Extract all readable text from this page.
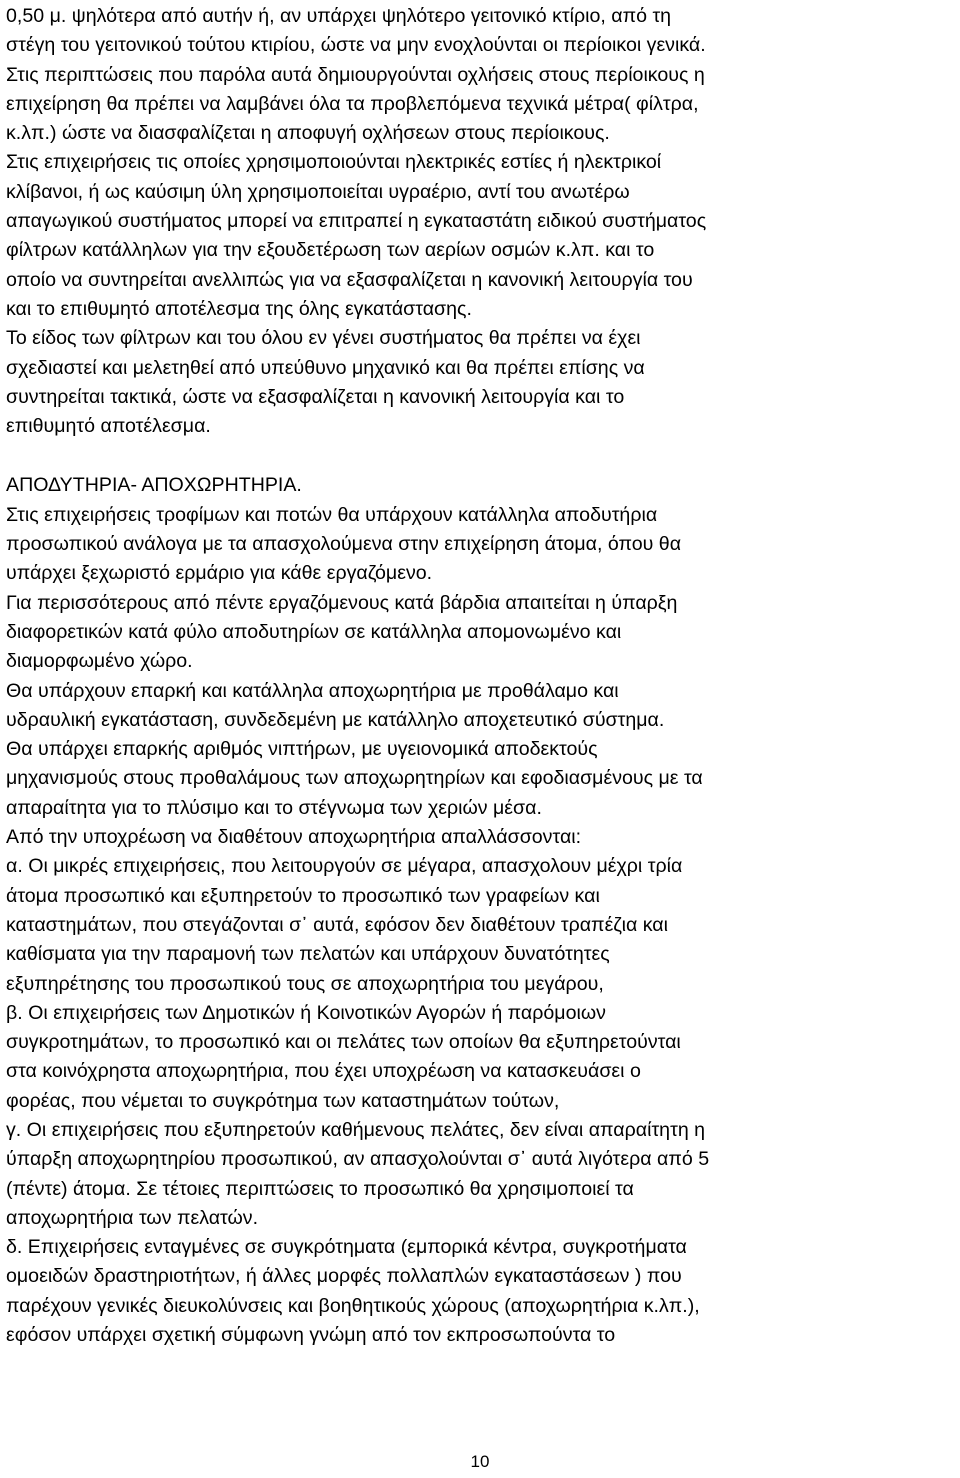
0,50 μ. ψηλότερα από αυτήν ή, αν υπάρχει ψηλότερο γειτονικό κτίριο, από τη
στέγη του γειτονικού τούτου κτιρίου, ώστε να μην ενοχλούνται οι περίοικοι γενικά.
Στις περιπτώσεις που παρόλα αυτά δημιουργούνται οχλήσεις στους περίοικους η
επιχείρηση θα πρέπει να λαμβάνει όλα τα προβλεπόμενα τεχνικά μέτρα( φίλτρα,
κ.λπ.) ώστε να διασφαλίζεται η αποφυγή οχλήσεων στους περίοικους.

Στις επιχειρήσεις τις οποίες χρησιμοποιούνται ηλεκτρικές εστίες ή ηλεκτρικοί
κλίβανοι, ή ως καύσιμη ύλη χρησιμοποιείται υγραέριο, αντί του ανωτέρω
απαγωγικού συστήματος μπορεί να επιτραπεί η εγκαταστάτη ειδικού συστήματος
φίλτρων κατάλληλων για την εξουδετέρωση των αερίων οσμών κ.λπ. και το
οποίο να συντηρείται ανελλιπώς για να εξασφαλίζεται η κανονική λειτουργία του
και το επιθυμητό αποτέλεσμα της όλης εγκατάστασης.

Το είδος των φίλτρων και του όλου εν γένει συστήματος θα πρέπει να έχει
σχεδιαστεί και μελετηθεί από υπεύθυνο μηχανικό και θα πρέπει επίσης να
συντηρείται τακτικά, ώστε να εξασφαλίζεται η κανονική λειτουργία και το
επιθυμητό αποτέλεσμα.

ΑΠΟΔΥΤΗΡΙΑ- ΑΠΟΧΩΡΗΤΗΡΙΑ.

Στις επιχειρήσεις τροφίμων και ποτών θα υπάρχουν κατάλληλα αποδυτήρια
προσωπικού ανάλογα με τα απασχολούμενα στην επιχείρηση άτομα, όπου θα
υπάρχει ξεχωριστό ερμάριο για κάθε εργαζόμενο.

Για περισσότερους από πέντε εργαζόμενους κατά βάρδια απαιτείται η ύπαρξη
διαφορετικών κατά φύλο αποδυτηρίων σε κατάλληλα απομονωμένο και
διαμορφωμένο χώρο.

Θα υπάρχουν επαρκή και κατάλληλα αποχωρητήρια με προθάλαμο και
υδραυλική εγκατάσταση, συνδεδεμένη με κατάλληλο αποχετευτικό σύστημα.

Θα υπάρχει επαρκής αριθμός νιπτήρων, με υγειονομικά αποδεκτούς
μηχανισμούς στους προθαλάμους των αποχωρητηρίων και εφοδιασμένους με τα
απαραίτητα για το πλύσιμο και το στέγνωμα των χεριών μέσα.

Από την υποχρέωση να διαθέτουν αποχωρητήρια απαλλάσσονται:

α. Οι μικρές επιχειρήσεις, που λειτουργούν σε μέγαρα, απασχολουν μέχρι τρία
άτομα προσωπικό και εξυπηρετούν το προσωπικό των γραφείων και
καταστημάτων, που στεγάζονται σ᾽ αυτά, εφόσον δεν διαθέτουν τραπέζια και
καθίσματα για την παραμονή των πελατών και υπάρχουν δυνατότητες
εξυπηρέτησης του προσωπικού τους σε αποχωρητήρια του μεγάρου,

β. Οι επιχειρήσεις των Δημοτικών ή Κοινοτικών Αγορών ή παρόμοιων
συγκροτημάτων, το προσωπικό και οι πελάτες των οποίων θα εξυπηρετούνται
στα κοινόχρηστα αποχωρητήρια, που έχει υποχρέωση να κατασκευάσει ο
φορέας, που νέμεται το συγκρότημα των καταστημάτων τούτων,

γ. Οι επιχειρήσεις που εξυπηρετούν καθήμενους πελάτες, δεν είναι απαραίτητη η
ύπαρξη αποχωρητηρίου προσωπικού, αν απασχολούνται σ᾽ αυτά λιγότερα από 5
(πέντε) άτομα. Σε τέτοιες περιπτώσεις το προσωπικό θα χρησιμοποιεί τα
αποχωρητήρια των πελατών.

δ. Επιχειρήσεις ενταγμένες σε συγκρότηματα (εμπορικά κέντρα, συγκροτήματα
ομοειδών δραστηριοτήτων, ή άλλες μορφές πολλαπλών εγκαταστάσεων ) που
παρέχουν γενικές διευκολύνσεις και βοηθητικούς χώρους (αποχωρητήρια κ.λπ.),
εφόσον υπάρχει σχετική σύμφωνη γνώμη από τον εκπροσωπούντα το

10
